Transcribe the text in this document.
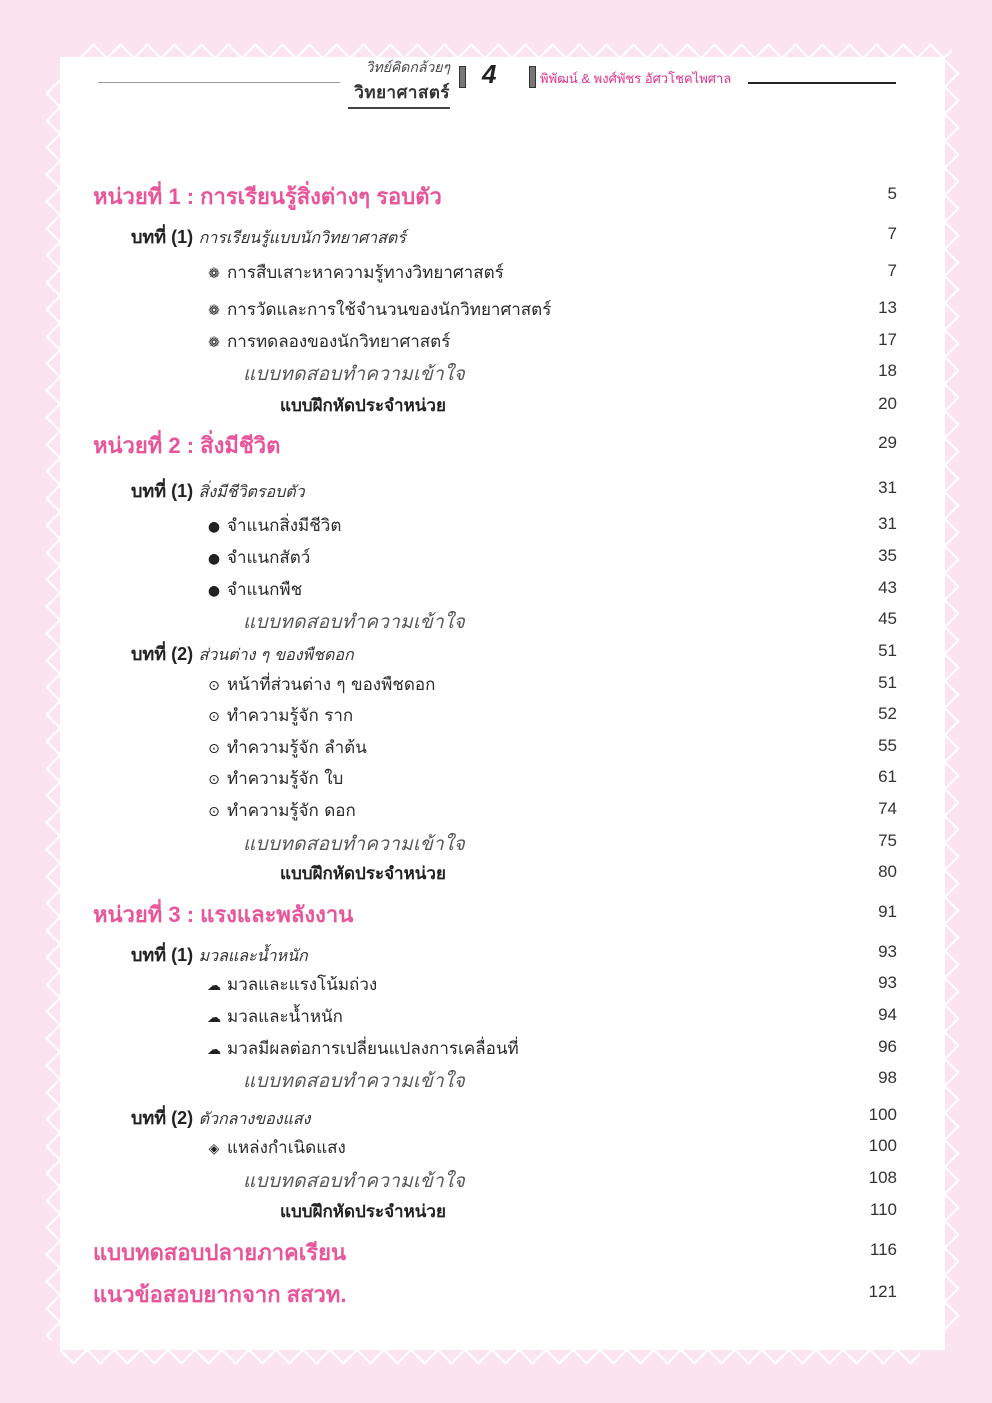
วิทย์คิดกล้วยๆ
วิทยาศาสตร์
4	พิพัฒน์ & พงศ์พัชร อัศวโชคไพศาล
หน่วยที่ 1 : การเรียนรู้สิ่งต่างๆ รอบตัว	5
บทที่ (1) การเรียนรู้แบบนักวิทยาศาสตร์	7
❁ การสืบเสาะหาความรู้ทางวิทยาศาสตร์	7
❁ การวัดและการใช้จำนวนของนักวิทยาศาสตร์	13
❁ การทดลองของนักวิทยาศาสตร์	17
แบบทดสอบทำความเข้าใจ	18
แบบฝึกหัดประจำหน่วย	20
หน่วยที่ 2 : สิ่งมีชีวิต	29
บทที่ (1) สิ่งมีชีวิตรอบตัว	31
● จำแนกสิ่งมีชีวิต	31
● จำแนกสัตว์	35
● จำแนกพืช	43
แบบทดสอบทำความเข้าใจ	45
บทที่ (2) ส่วนต่าง ๆ ของพืชดอก	51
⊙ หน้าที่ส่วนต่าง ๆ ของพืชดอก	51
⊙ ทำความรู้จัก ราก	52
⊙ ทำความรู้จัก ลำต้น	55
⊙ ทำความรู้จัก ใบ	61
⊙ ทำความรู้จัก ดอก	74
แบบทดสอบทำความเข้าใจ	75
แบบฝึกหัดประจำหน่วย	80
หน่วยที่ 3 : แรงและพลังงาน	91
บทที่ (1) มวลและน้ำหนัก	93
☁ มวลและแรงโน้มถ่วง	93
☁ มวลและน้ำหนัก	94
☁ มวลมีผลต่อการเปลี่ยนแปลงการเคลื่อนที่	96
แบบทดสอบทำความเข้าใจ	98
บทที่ (2) ตัวกลางของแสง	100
◈ แหล่งกำเนิดแสง	100
แบบทดสอบทำความเข้าใจ	108
แบบฝึกหัดประจำหน่วย	110
แบบทดสอบปลายภาคเรียน	116
แนวข้อสอบยากจาก สสวท.	121
